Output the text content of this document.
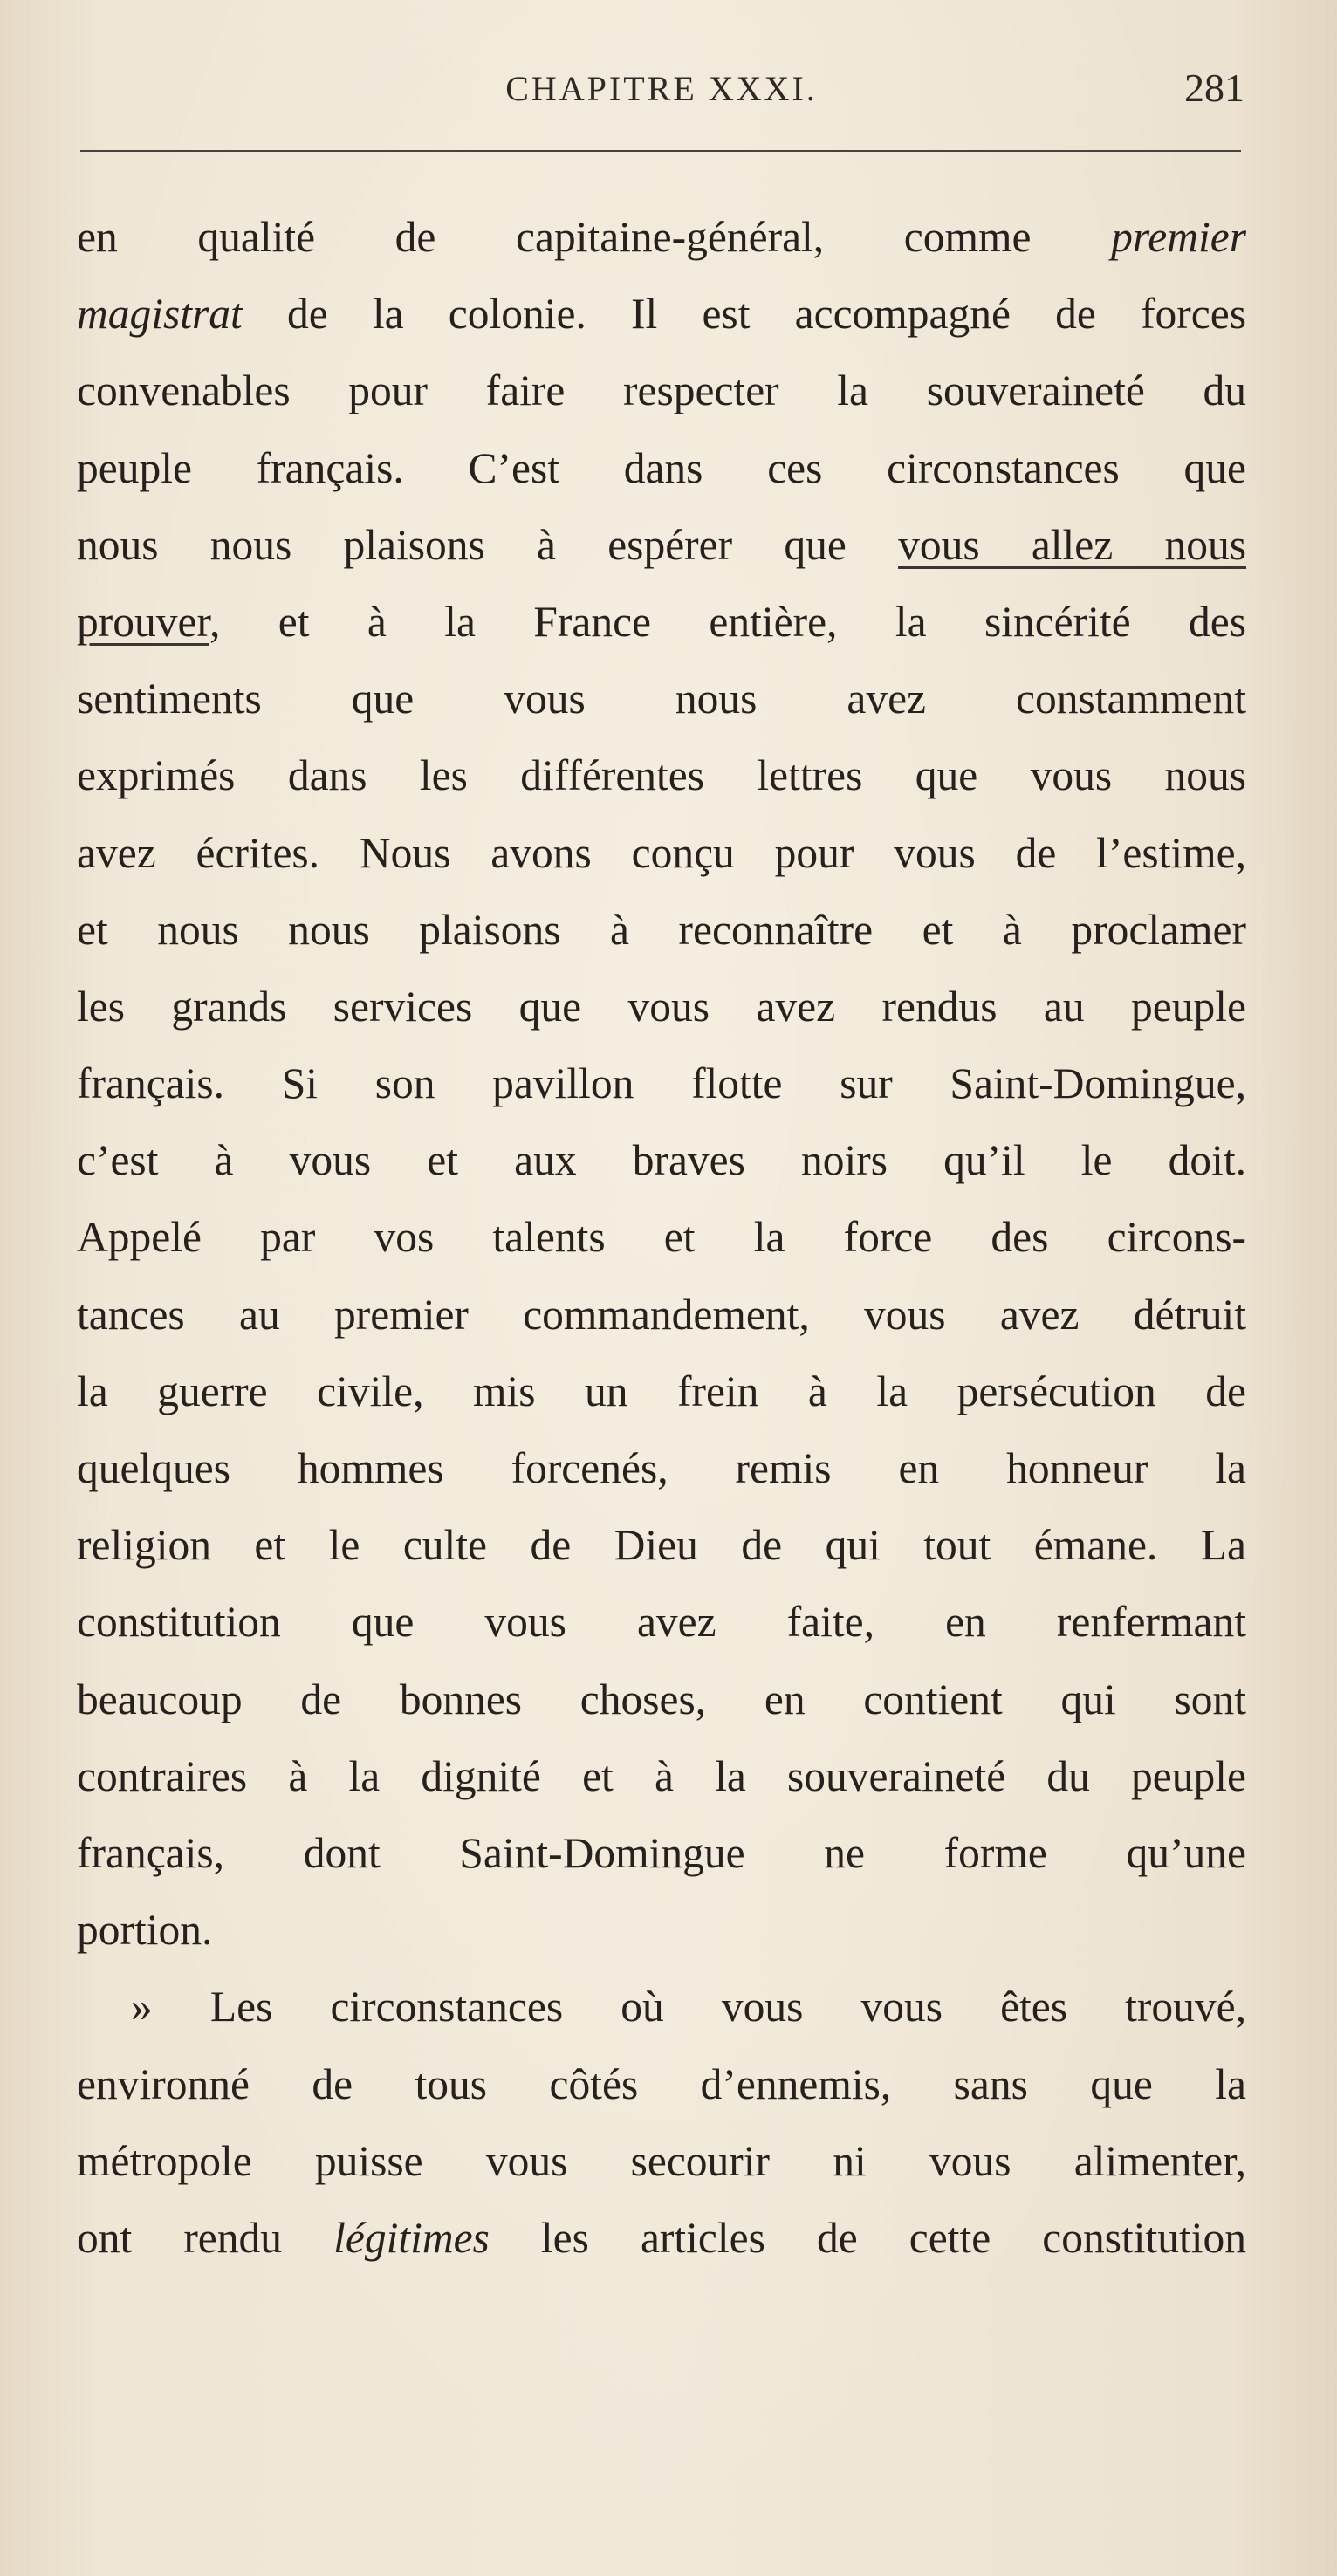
CHAPITRE XXXI.	281
en qualité de capitaine-général, comme premier
magistrat de la colonie. Il est accompagné de forces
convenables pour faire respecter la souveraineté du
peuple français. C’est dans ces circonstances que
nous nous plaisons à espérer que vous allez nous
prouver, et à la France entière, la sincérité des
sentiments que vous nous avez constamment
exprimés dans les différentes lettres que vous nous
avez écrites. Nous avons conçu pour vous de l’estime,
et nous nous plaisons à reconnaître et à proclamer
les grands services que vous avez rendus au peuple
français. Si son pavillon flotte sur Saint-Domingue,
c’est à vous et aux braves noirs qu’il le doit.
Appelé par vos talents et la force des circons-
tances au premier commandement, vous avez détruit
la guerre civile, mis un frein à la persécution de
quelques hommes forcenés, remis en honneur la
religion et le culte de Dieu de qui tout émane. La
constitution que vous avez faite, en renfermant
beaucoup de bonnes choses, en contient qui sont
contraires à la dignité et à la souveraineté du peuple
français, dont Saint-Domingue ne forme qu’une
portion.
» Les circonstances où vous vous êtes trouvé,
environné de tous côtés d’ennemis, sans que la
métropole puisse vous secourir ni vous alimenter,
ont rendu légitimes les articles de cette constitution
